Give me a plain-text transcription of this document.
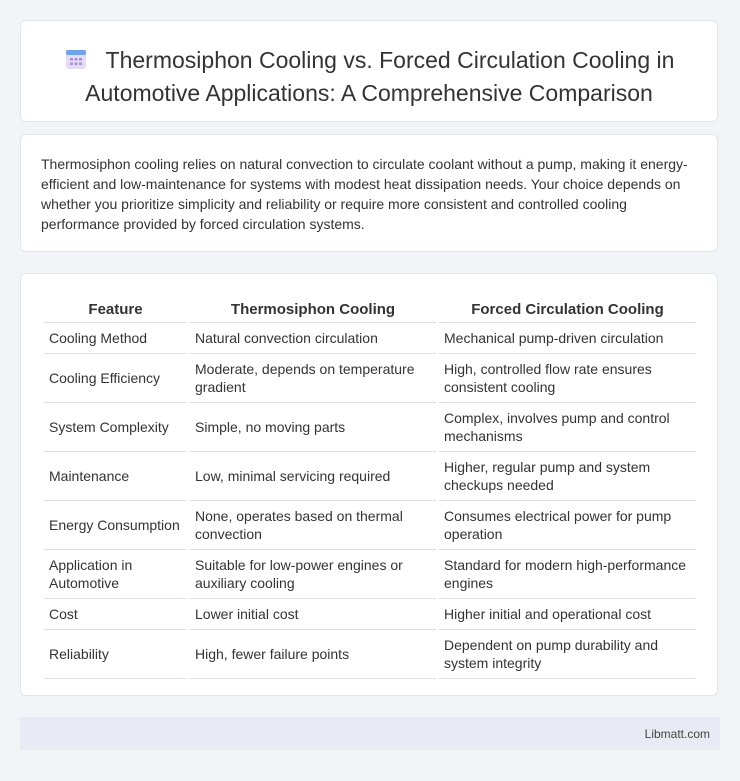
Thermosiphon Cooling vs. Forced Circulation Cooling in Automotive Applications: A Comprehensive Comparison

Thermosiphon cooling relies on natural convection to circulate coolant without a pump, making it energy-efficient and low-maintenance for systems with modest heat dissipation needs. Your choice depends on whether you prioritize simplicity and reliability or require more consistent and controlled cooling performance provided by forced circulation systems.

Feature	Thermosiphon Cooling	Forced Circulation Cooling
Cooling Method	Natural convection circulation	Mechanical pump-driven circulation
Cooling Efficiency	Moderate, depends on temperature gradient	High, controlled flow rate ensures consistent cooling
System Complexity	Simple, no moving parts	Complex, involves pump and control mechanisms
Maintenance	Low, minimal servicing required	Higher, regular pump and system checkups needed
Energy Consumption	None, operates based on thermal convection	Consumes electrical power for pump operation
Application in Automotive	Suitable for low-power engines or auxiliary cooling	Standard for modern high-performance engines
Cost	Lower initial cost	Higher initial and operational cost
Reliability	High, fewer failure points	Dependent on pump durability and system integrity
Libmatt.com
